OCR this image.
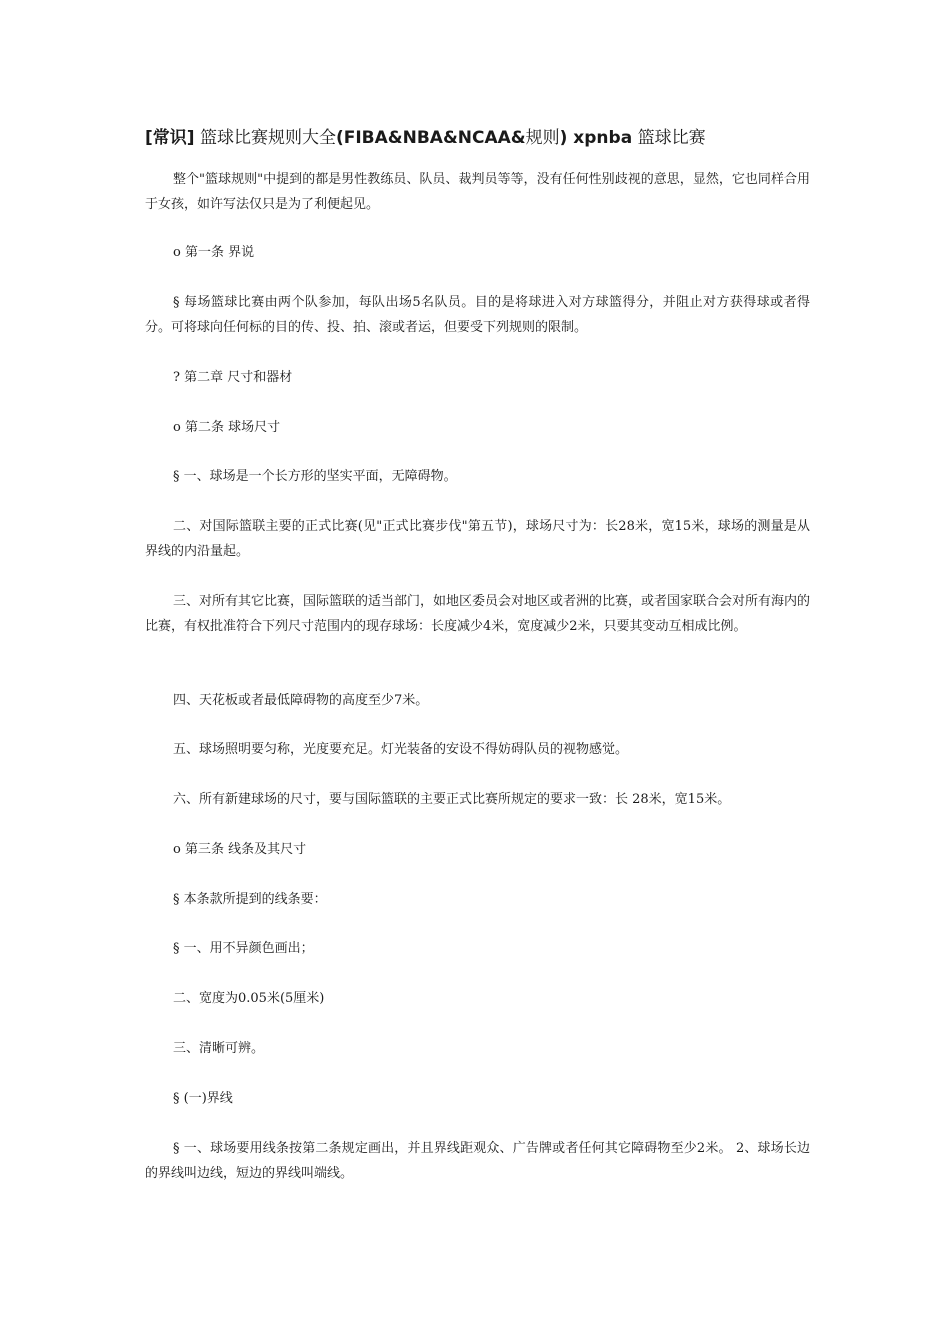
[常识] 篮球比赛规则大全(FIBA&NBA&NCAA&规则) xpnba 篮球比赛

整个"篮球规则"中提到的都是男性教练员、队员、裁判员等等，没有任何性别歧视的意思，显然，它也同样合用于女孩，如许写法仅只是为了利便起见。

o 第一条 界说

§ 每场篮球比赛由两个队参加，每队出场5名队员。目的是将球进入对方球篮得分，并阻止对方获得球或者得分。可将球向任何标的目的传、投、拍、滚或者运，但要受下列规则的限制。

? 第二章 尺寸和器材

o 第二条 球场尺寸

§ 一、球场是一个长方形的坚实平面，无障碍物。

二、对国际篮联主要的正式比赛(见"正式比赛步伐"第五节)，球场尺寸为：长28米，宽15米，球场的测量是从界线的内沿量起。

三、对所有其它比赛，国际篮联的适当部门，如地区委员会对地区或者洲的比赛，或者国家联合会对所有海内的比赛，有权批准符合下列尺寸范围内的现存球场：长度减少4米，宽度减少2米，只要其变动互相成比例。

四、天花板或者最低障碍物的高度至少7米。

五、球场照明要匀称，光度要充足。灯光装备的安设不得妨碍队员的视物感觉。

六、所有新建球场的尺寸，要与国际篮联的主要正式比赛所规定的要求一致：长 28米，宽15米。

o 第三条 线条及其尺寸

§ 本条款所提到的线条要：

§ 一、用不异颜色画出；

二、宽度为0.05米(5厘米)

三、清晰可辨。

§ (一)界线

§ 一、球场要用线条按第二条规定画出，并且界线距观众、广告牌或者任何其它障碍物至少2米。 2、球场长边的界线叫边线，短边的界线叫端线。
